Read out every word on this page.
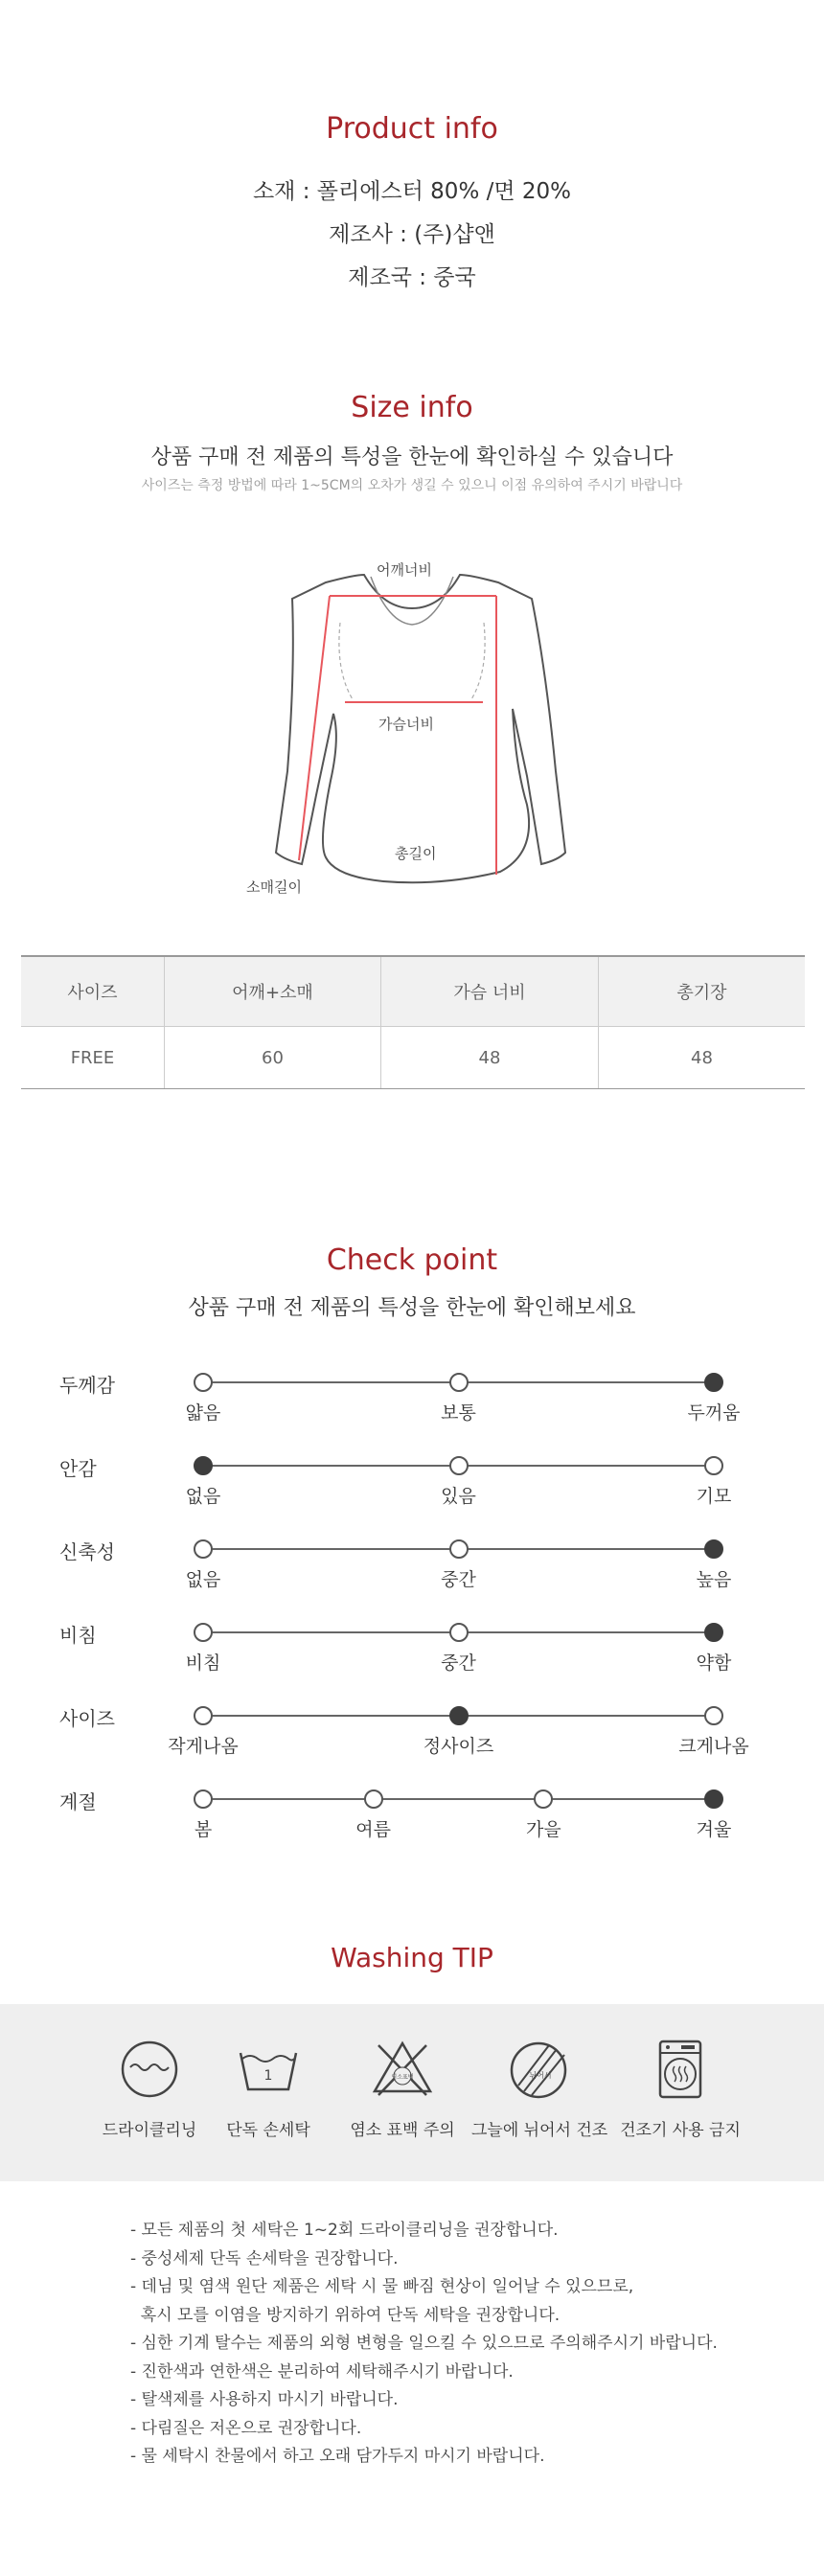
Product info
소재 : 폴리에스터 80% /면 20%
제조사 : (주)샵앤
제조국 : 중국
Size info
상품 구매 전 제품의 특성을 한눈에 확인하실 수 있습니다
사이즈는 측정 방법에 따라 1~5CM의 오차가 생길 수 있으니 이점 유의하여 주시기 바랍니다
어깨너비
가슴너비
총길이
소매길이
사이즈	어깨+소매	가슴 너비	총기장
FREE	60	48	48
Check point
상품 구매 전 제품의 특성을 한눈에 확인해보세요
두께감
얇음	보통	두꺼움
안감
없음	있음	기모
신축성
없음	중간	높음
비침
비침	중간	약함
사이즈
작게나옴	정사이즈	크게나옴
계절
봄	여름	가을	겨울
Washing TIP
드라이클리닝
1
단독 손세탁
염소표백
염소 표백 주의
뉘어서
그늘에 뉘어서 건조 건조기 사용 금지
- 모든 제품의 첫 세탁은 1~2회 드라이클리닝을 권장합니다.
- 중성세제 단독 손세탁을 권장합니다.
- 데님 및 염색 원단 제품은 세탁 시 물 빠짐 현상이 일어날 수 있으므로,
혹시 모를 이염을 방지하기 위하여 단독 세탁을 권장합니다.
- 심한 기계 탈수는 제품의 외형 변형을 일으킬 수 있으므로 주의해주시기 바랍니다.
- 진한색과 연한색은 분리하여 세탁해주시기 바랍니다.
- 탈색제를 사용하지 마시기 바랍니다.
- 다림질은 저온으로 권장합니다.
- 물 세탁시 찬물에서 하고 오래 담가두지 마시기 바랍니다.
